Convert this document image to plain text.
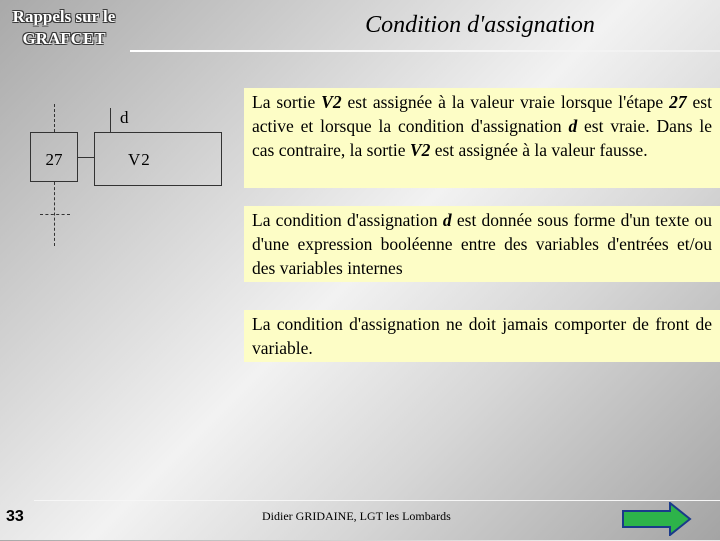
Rappels sur le
GRAFCET
Condition d'assignation
27
d
V2
La sortie V2 est assignée à la valeur vraie lorsque l'étape 27 est active et lorsque la condition d'assignation d est vraie. Dans le cas contraire, la sortie V2 est assignée à la valeur fausse.
La condition d'assignation d est donnée sous forme d'un texte ou d'une expression booléenne entre des variables d'entrées et/ou des variables internes
La condition d'assignation ne doit jamais comporter de front de variable.
33	Didier GRIDAINE, LGT les Lombards
